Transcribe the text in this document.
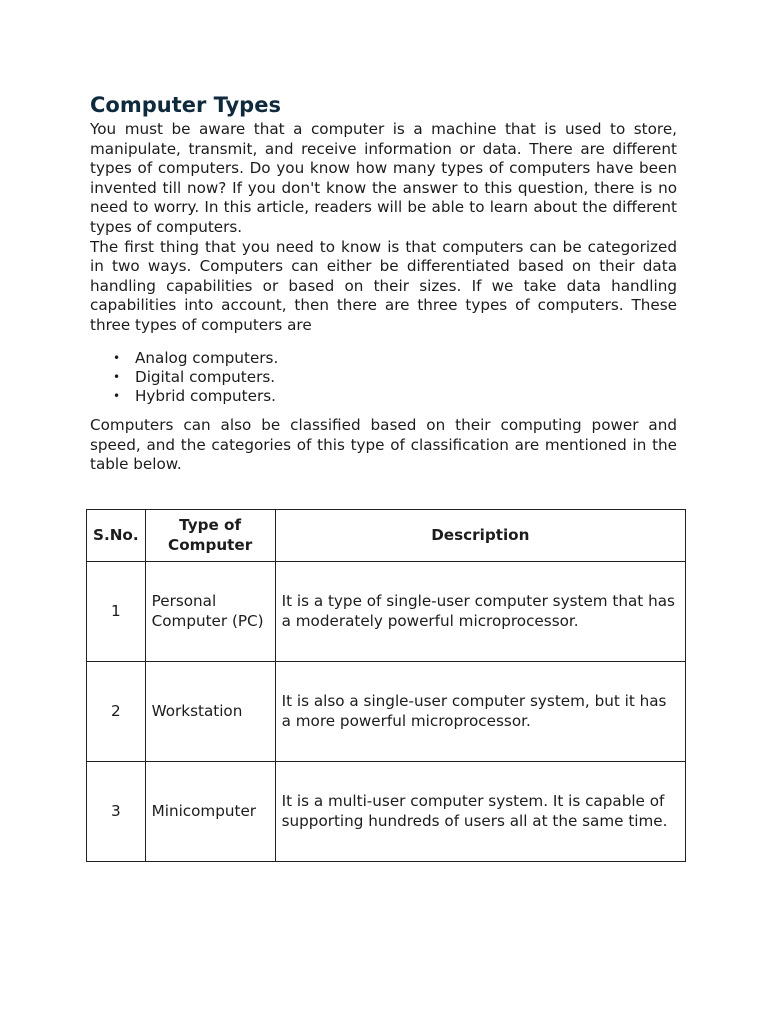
Computer Types

You must be aware that a computer is a machine that is used to store, manipulate, transmit, and receive information or data. There are different types of computers. Do you know how many types of computers have been invented till now? If you don't know the answer to this question, there is no need to worry. In this article, readers will be able to learn about the different types of computers.

The first thing that you need to know is that computers can be categorized in two ways. Computers can either be differentiated based on their data handling capabilities or based on their sizes. If we take data handling capabilities into account, then there are three types of computers. These three types of computers are

• Analog computers.
• Digital computers.
• Hybrid computers.

Computers can also be classified based on their computing power and speed, and the categories of this type of classification are mentioned in the table below.

S.No.	Type of Computer	Description
1	Personal Computer (PC)	It is a type of single-user computer system that has a moderately powerful microprocessor.
2	Workstation	It is also a single-user computer system, but it has a more powerful microprocessor.
3	Minicomputer	It is a multi-user computer system. It is capable of supporting hundreds of users all at the same time.
